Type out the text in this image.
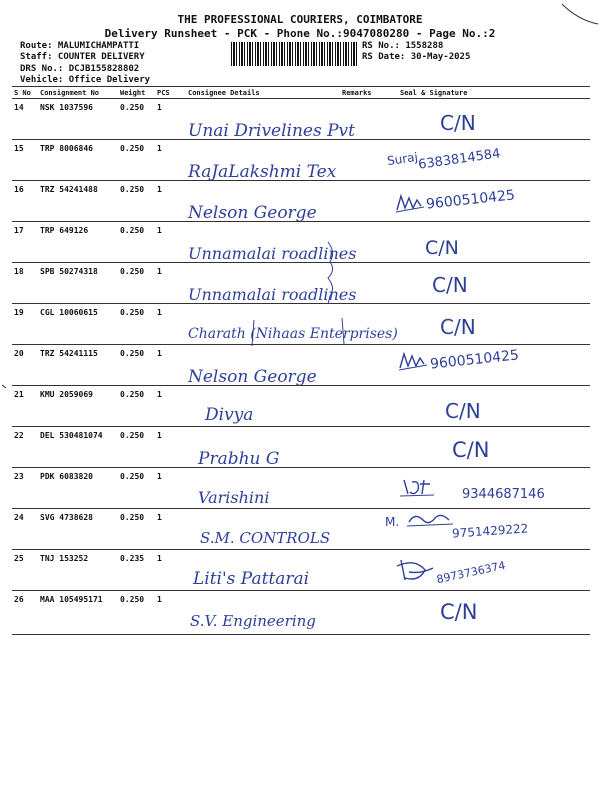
THE PROFESSIONAL COURIERS, COIMBATORE
Delivery Runsheet - PCK - Phone No.:9047080280 - Page No.:2
Route: MALUMICHAMPATTI
Staff: COUNTER DELIVERY
DRS No.: DCJB155828802
Vehicle: Office Delivery
RS No.: 1558288
RS Date: 30-May-2025
S No Consignment No	Weight PCS	Consignee Details	Remarks	Seal & Signature
14 NSK 1037596	0.250 1
Unai Drivelines Pvt	C/N
15 TRP 8006846	0.250 1
RaJaLakshmi Tex
Suraj
6383814584
16 TRZ 54241488	0.250 1
Nelson George
9600510425
17 TRP 649126	0.250 1
Unnamalai roadlines	C/N
18 SPB 50274318	0.250 1
Unnamalai roadlines	C/N
19 CGL 10060615	0.250 1
Charath (Nihaas Enterprises) C/N
20 TRZ 54241115	0.250 1
Nelson George
9600510425
21 KMU 2059069	0.250 1
Divya	C/N
22 DEL 530481074 0.250 1
Prabhu G	C/N
23 PDK 6083820	0.250 1
Varishini	9344687146
24 SVG 4738628	0.250 1
S.M. CONTROLS
M.	9751429222
25 TNJ 153252	0.235 1
Liti's Pattarai	8973736374
26 MAA 105495171 0.250 1
S.V. Engineering	C/N
